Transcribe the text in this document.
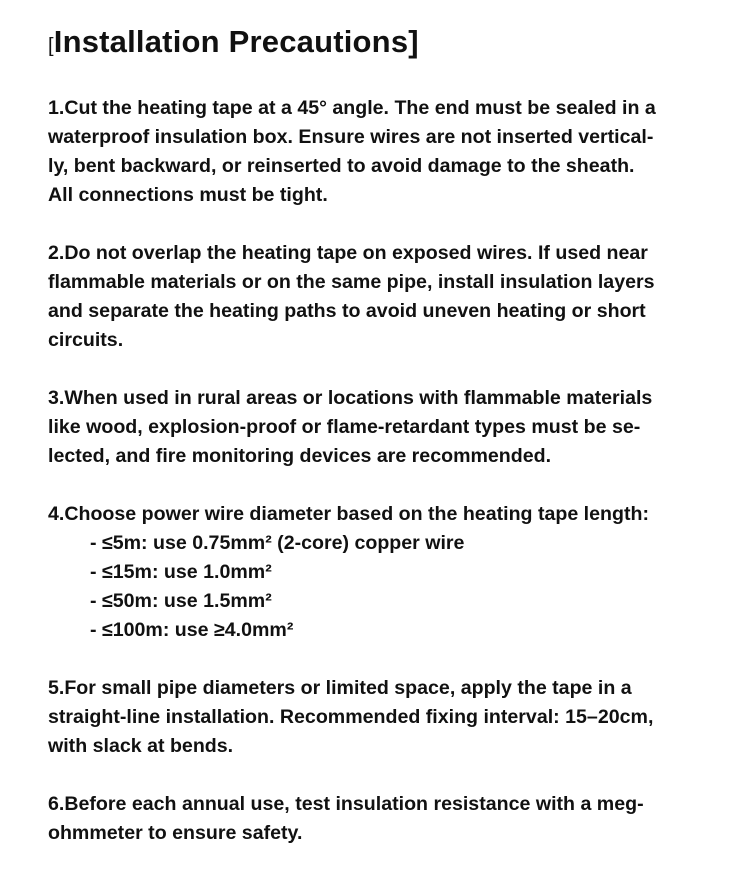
[Installation Precautions]

1.Cut the heating tape at a 45° angle. The end must be sealed in a
waterproof insulation box. Ensure wires are not inserted vertical-
ly, bent backward, or reinserted to avoid damage to the sheath.
All connections must be tight.

2.Do not overlap the heating tape on exposed wires. If used near
flammable materials or on the same pipe, install insulation layers
and separate the heating paths to avoid uneven heating or short
circuits.

3.When used in rural areas or locations with flammable materials
like wood, explosion-proof or flame-retardant types must be se-
lected, and fire monitoring devices are recommended.

4.Choose power wire diameter based on the heating tape length:
- ≤5m: use 0.75mm² (2-core) copper wire
- ≤15m: use 1.0mm²
- ≤50m: use 1.5mm²
- ≤100m: use ≥4.0mm²

5.For small pipe diameters or limited space, apply the tape in a
straight-line installation. Recommended fixing interval: 15–20cm,
with slack at bends.

6.Before each annual use, test insulation resistance with a meg-
ohmmeter to ensure safety.
